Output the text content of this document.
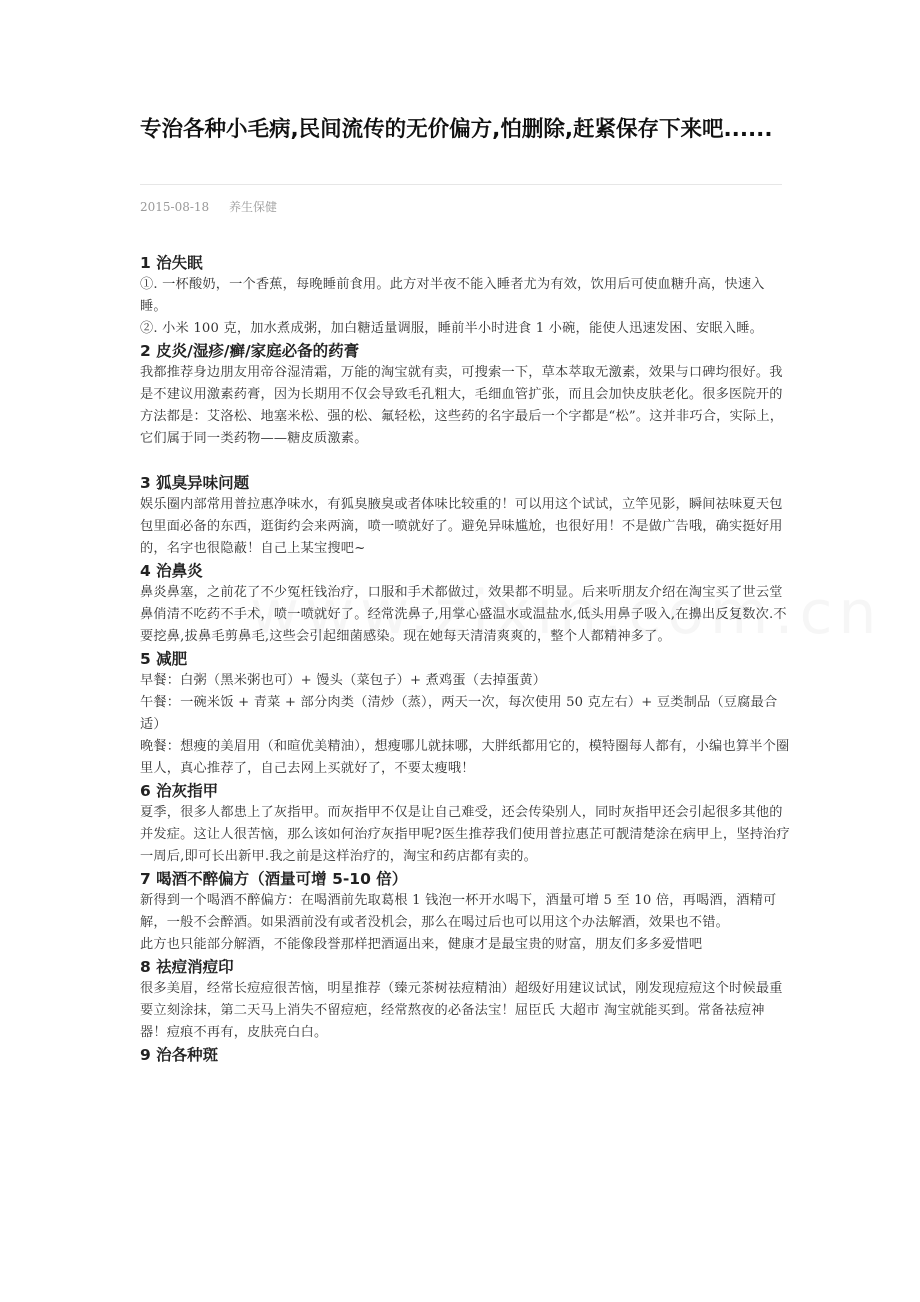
专治各种小毛病,民间流传的无价偏方,怕删除,赶紧保存下来吧......
2015-08-18 养生保健
1 治失眠

①. 一杯酸奶，一个香蕉，每晚睡前食用。此方对半夜不能入睡者尤为有效，饮用后可使血糖升高，快速入睡。

②. 小米 100 克，加水煮成粥，加白糖适量调服，睡前半小时进食 1 小碗，能使人迅速发困、安眠入睡。

2 皮炎/湿疹/癣/家庭必备的药膏

我都推荐身边朋友用帝谷湿清霜，万能的淘宝就有卖，可搜索一下，草本萃取无激素，效果与口碑均很好。我是不建议用激素药膏，因为长期用不仅会导致毛孔粗大，毛细血管扩张，而且会加快皮肤老化。很多医院开的方法都是：艾洛松、地塞米松、强的松、氟轻松，这些药的名字最后一个字都是“松”。这并非巧合，实际上，它们属于同一类药物——糖皮质激素。

3 狐臭异味问题

娱乐圈内部常用普拉惠净味水，有狐臭腋臭或者体味比较重的！可以用这个试试，立竿见影，瞬间祛味夏天包包里面必备的东西，逛街约会来两滴，喷一喷就好了。避免异味尴尬，也很好用！不是做广告哦，确实挺好用的，名字也很隐蔽！自己上某宝搜吧~

4 治鼻炎

鼻炎鼻塞，之前花了不少冤枉钱治疗，口服和手术都做过，效果都不明显。后来听朋友介绍在淘宝买了世云堂鼻俏清不吃药不手术，喷一喷就好了。经常洗鼻子,用掌心盛温水或温盐水,低头用鼻子吸入,在擤出反复数次.不要挖鼻,拔鼻毛剪鼻毛,这些会引起细菌感染。现在她每天清清爽爽的，整个人都精神多了。

5 减肥

早餐：白粥（黑米粥也可）+ 馒头（菜包子）+ 煮鸡蛋（去掉蛋黄）

午餐：一碗米饭 + 青菜 + 部分肉类（清炒（蒸），两天一次，每次使用 50 克左右）+ 豆类制品（豆腐最合适）

晚餐：想瘦的美眉用（和暄优美精油），想瘦哪儿就抹哪，大胖纸都用它的，模特圈每人都有，小编也算半个圈里人，真心推荐了，自己去网上买就好了，不要太瘦哦！

6 治灰指甲

夏季，很多人都患上了灰指甲。而灰指甲不仅是让自己难受，还会传染别人，同时灰指甲还会引起很多其他的并发症。这让人很苦恼，那么该如何治疗灰指甲呢?医生推荐我们使用普拉惠芷可靓清楚涂在病甲上，坚持治疗一周后,即可长出新甲.我之前是这样治疗的，淘宝和药店都有卖的。

7 喝酒不醉偏方（酒量可增 5-10 倍）

新得到一个喝酒不醉偏方：在喝酒前先取葛根 1 钱泡一杯开水喝下，酒量可增 5 至 10 倍，再喝酒，酒精可解，一般不会醉酒。如果酒前没有或者没机会，那么在喝过后也可以用这个办法解酒，效果也不错。

此方也只能部分解酒，不能像段誉那样把酒逼出来，健康才是最宝贵的财富，朋友们多多爱惜吧

8 祛痘消痘印

很多美眉，经常长痘痘很苦恼，明星推荐（臻元茶树祛痘精油）超级好用建议试试，刚发现痘痘这个时候最重要立刻涂抹，第二天马上消失不留痘疤，经常熬夜的必备法宝！屈臣氏 大超市 淘宝就能买到。常备祛痘神器！痘痕不再有，皮肤亮白白。

9 治各种斑
